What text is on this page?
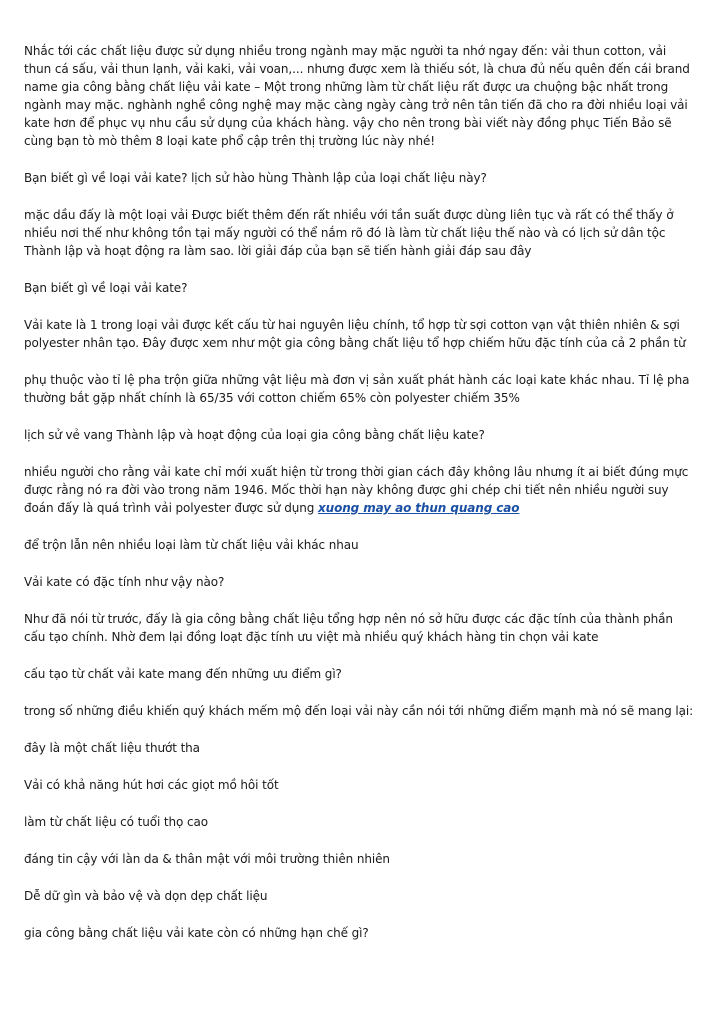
Nhắc tới các chất liệu được sử dụng nhiều trong ngành may mặc người ta nhớ ngay đến: vải thun cotton, vải thun cá sấu, vải thun lạnh, vải kaki, vải voan,... nhưng được xem là thiếu sót, là chưa đủ nếu quên đến cái brand name gia công bằng chất liệu vải kate – Một trong những làm từ chất liệu rất được ưa chuộng bậc nhất trong ngành may mặc. nghành nghề công nghệ may mặc càng ngày càng trở nên tân tiến đã cho ra đời nhiều loại vải kate hơn để phục vụ nhu cầu sử dụng của khách hàng. vậy cho nên trong bài viết này đồng phục Tiến Bảo sẽ cùng bạn tò mò thêm 8 loại kate phổ cập trên thị trường lúc này nhé!

Bạn biết gì về loại vải kate? lịch sử hào hùng Thành lập của loại chất liệu này?

mặc dầu đấy là một loại vải Được biết thêm đến rất nhiều với tần suất được dùng liên tục và rất có thể thấy ở nhiều nơi thế như không tồn tại mấy người có thể nắm rõ đó là làm từ chất liệu thế nào và có lịch sử dân tộc Thành lập và hoạt động ra làm sao. lời giải đáp của bạn sẽ tiến hành giải đáp sau đây

Bạn biết gì về loại vải kate?

Vải kate là 1 trong loại vải được kết cấu từ hai nguyên liệu chính, tổ hợp từ sợi cotton vạn vật thiên nhiên & sợi polyester nhân tạo. Đây được xem như một gia công bằng chất liệu tổ hợp chiếm hữu đặc tính của cả 2 phần từ

phụ thuộc vào tỉ lệ pha trộn giữa những vật liệu mà đơn vị sản xuất phát hành các loại kate khác nhau. Tỉ lệ pha thường bắt gặp nhất chính là 65/35 với cotton chiếm 65% còn polyester chiếm 35%

lịch sử vẻ vang Thành lập và hoạt động của loại gia công bằng chất liệu kate?

nhiều người cho rằng vải kate chỉ mới xuất hiện từ trong thời gian cách đây không lâu nhưng ít ai biết đúng mực được rằng nó ra đời vào trong năm 1946. Mốc thời hạn này không được ghi chép chi tiết nên nhiều người suy đoán đấy là quá trình vải polyester được sử dụng xuong may ao thun quang cao

để trộn lẫn nên nhiều loại làm từ chất liệu vải khác nhau

Vải kate có đặc tính như vậy nào?

Như đã nói từ trước, đấy là gia công bằng chất liệu tổng hợp nên nó sở hữu được các đặc tính của thành phần cấu tạo chính. Nhờ đem lại đồng loạt đặc tính ưu việt mà nhiều quý khách hàng tin chọn vải kate

cấu tạo từ chất vải kate mang đến những ưu điểm gì?

trong số những điều khiến quý khách mếm mộ đến loại vải này cần nói tới những điểm mạnh mà nó sẽ mang lại:

đây là một chất liệu thướt tha

Vải có khả năng hút hơi các giọt mồ hôi tốt

làm từ chất liệu có tuổi thọ cao

đáng tin cậy với làn da & thân mật với môi trường thiên nhiên

Dễ dữ gìn và bảo vệ và dọn dẹp chất liệu

gia công bằng chất liệu vải kate còn có những hạn chế gì?
